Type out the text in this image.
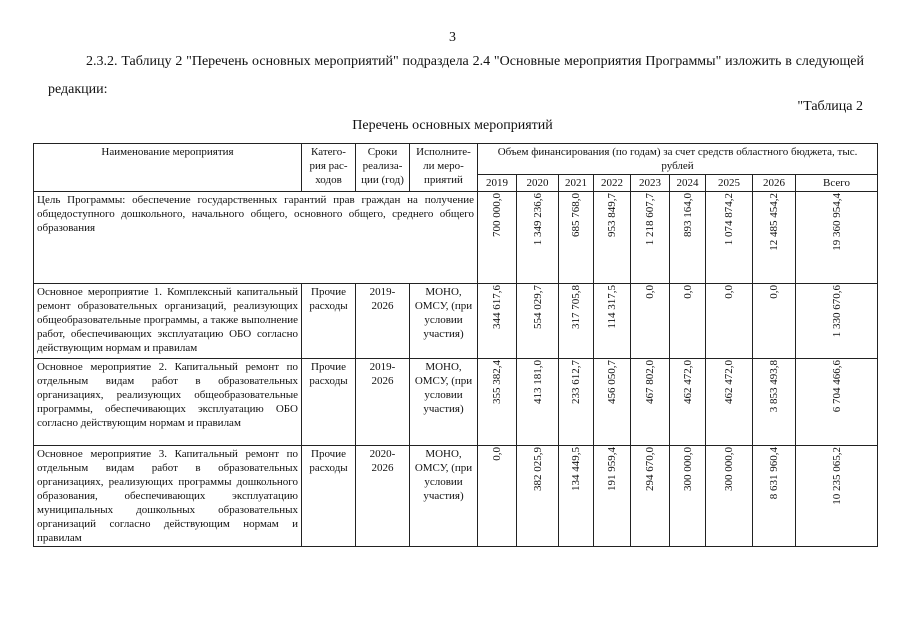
3
2.3.2. Таблицу 2 "Перечень основных мероприятий" подраздела 2.4 "Основные мероприятия Программы" изложить в следующей редакции:
"Таблица 2
Перечень основных мероприятий
Наименование мероприятия	Катего-рия рас-ходов	Сроки реализа-ции (год)	Исполните-ли меро-приятий	Объем финансирования (по годам) за счет средств областного бюджета, тыс. рублей								
				2019	2020	2021	2022	2023	2024	2025	2026	Всего
Цель Программы: обеспечение государственных гарантий прав граждан на получение общедоступного дошкольного, начального общего, основного общего, среднего общего образования				700 000,0	1 349 236,6	685 768,0	953 849,7	1 218 607,7	893 164,0	1 074 874,2	12 485 454,2	19 360 954,4
Основное мероприятие 1. Комплексный капитальный ремонт образовательных организаций, реализующих общеобразовательные программы, а также выполнение работ, обеспечивающих эксплуатацию ОБО согласно действующим нормам и правилам	Прочие расходы	2019-2026	МОНО, ОМСУ, (при условии участия)	344 617,6	554 029,7	317 705,8	114 317,5	0,0	0,0	0,0	0,0	1 330 670,6
Основное мероприятие 2. Капитальный ремонт по отдельным видам работ в образовательных организациях, реализующих общеобразовательные программы, обеспечивающих эксплуатацию ОБО согласно действующим нормам и правилам	Прочие расходы	2019-2026	МОНО, ОМСУ, (при условии участия)	355 382,4	413 181,0	233 612,7	456 050,7	467 802,0	462 472,0	462 472,0	3 853 493,8	6 704 466,6
Основное мероприятие 3. Капитальный ремонт по отдельным видам работ в образовательных организациях, реализующих программы дошкольного образования, обеспечивающих эксплуатацию муниципальных дошкольных образовательных организаций согласно действующим нормам и правилам	Прочие расходы	2020-2026	МОНО, ОМСУ, (при условии участия)	0,0	382 025,9	134 449,5	191 959,4	294 670,0	300 000,0	300 000,0	8 631 960,4	10 235 065,2
